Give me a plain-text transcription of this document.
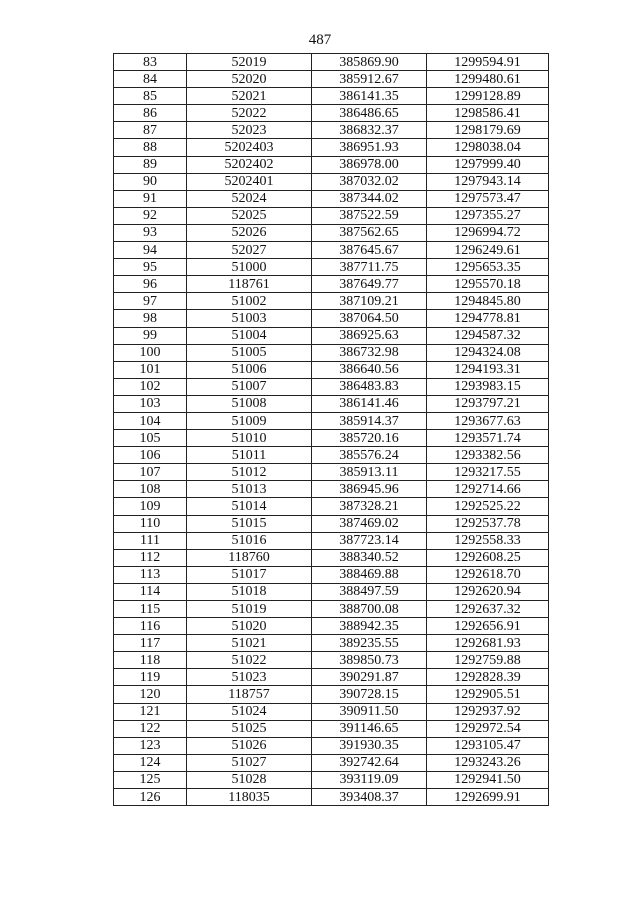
487
83	52019	385869.90	1299594.91
84	52020	385912.67	1299480.61
85	52021	386141.35	1299128.89
86	52022	386486.65	1298586.41
87	52023	386832.37	1298179.69
88	5202403	386951.93	1298038.04
89	5202402	386978.00	1297999.40
90	5202401	387032.02	1297943.14
91	52024	387344.02	1297573.47
92	52025	387522.59	1297355.27
93	52026	387562.65	1296994.72
94	52027	387645.67	1296249.61
95	51000	387711.75	1295653.35
96	118761	387649.77	1295570.18
97	51002	387109.21	1294845.80
98	51003	387064.50	1294778.81
99	51004	386925.63	1294587.32
100	51005	386732.98	1294324.08
101	51006	386640.56	1294193.31
102	51007	386483.83	1293983.15
103	51008	386141.46	1293797.21
104	51009	385914.37	1293677.63
105	51010	385720.16	1293571.74
106	51011	385576.24	1293382.56
107	51012	385913.11	1293217.55
108	51013	386945.96	1292714.66
109	51014	387328.21	1292525.22
110	51015	387469.02	1292537.78
111	51016	387723.14	1292558.33
112	118760	388340.52	1292608.25
113	51017	388469.88	1292618.70
114	51018	388497.59	1292620.94
115	51019	388700.08	1292637.32
116	51020	388942.35	1292656.91
117	51021	389235.55	1292681.93
118	51022	389850.73	1292759.88
119	51023	390291.87	1292828.39
120	118757	390728.15	1292905.51
121	51024	390911.50	1292937.92
122	51025	391146.65	1292972.54
123	51026	391930.35	1293105.47
124	51027	392742.64	1293243.26
125	51028	393119.09	1292941.50
126	118035	393408.37	1292699.91
